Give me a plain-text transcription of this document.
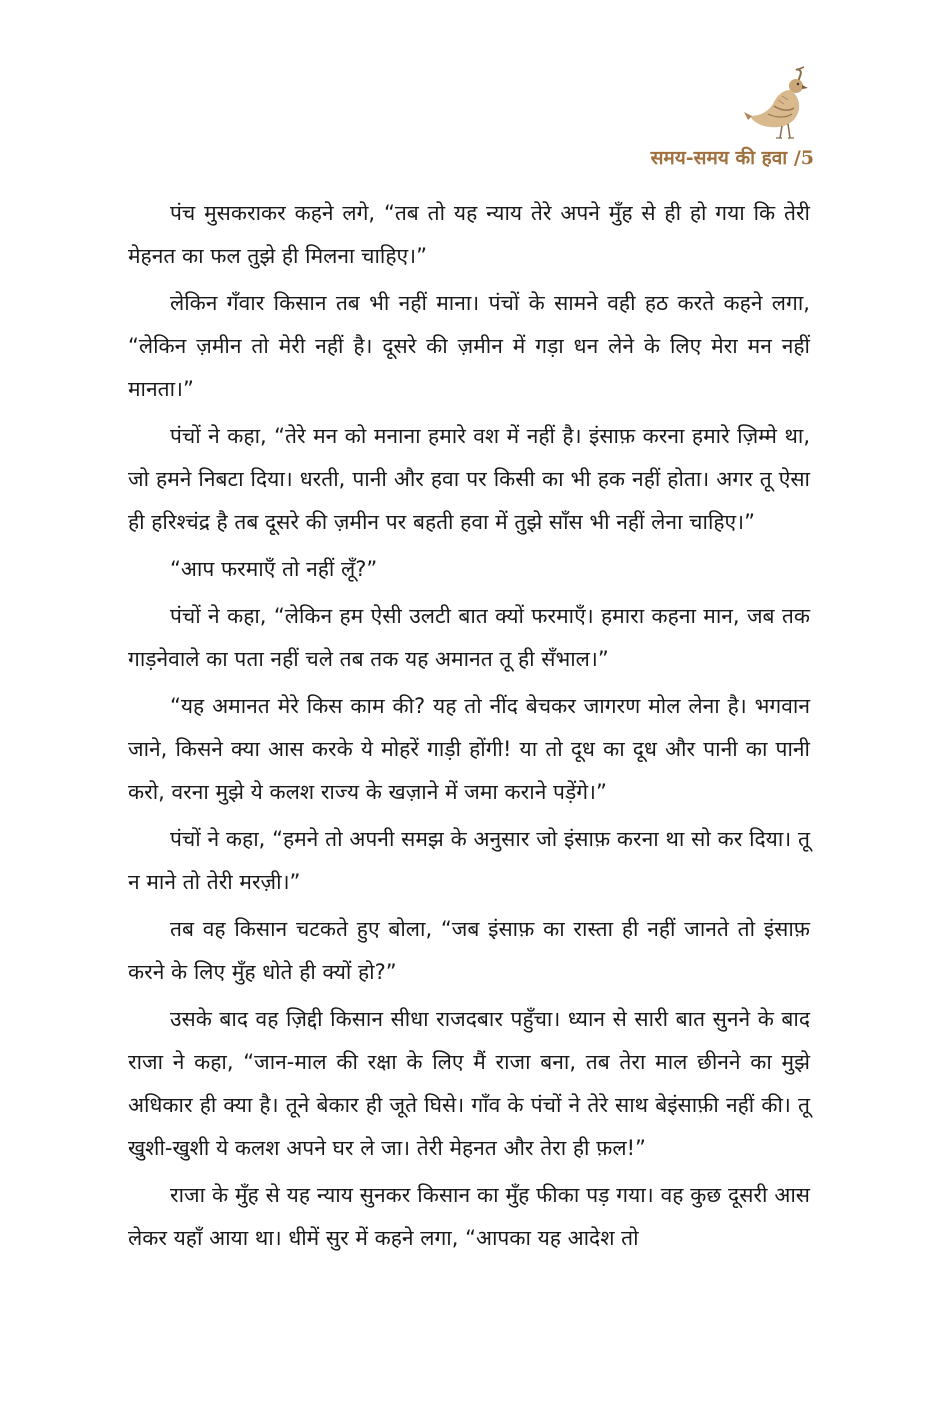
समय-समय की हवा /5

पंच मुसकराकर कहने लगे, “तब तो यह न्याय तेरे अपने मुँह से ही हो गया कि तेरी मेहनत का फल तुझे ही मिलना चाहिए।”

लेकिन गँवार किसान तब भी नहीं माना। पंचों के सामने वही हठ करते कहने लगा, “लेकिन ज़मीन तो मेरी नहीं है। दूसरे की ज़मीन में गड़ा धन लेने के लिए मेरा मन नहीं मानता।”

पंचों ने कहा, “तेरे मन को मनाना हमारे वश में नहीं है। इंसाफ़ करना हमारे ज़िम्मे था, जो हमने निबटा दिया। धरती, पानी और हवा पर किसी का भी हक नहीं होता। अगर तू ऐसा ही हरिश्चंद्र है तब दूसरे की ज़मीन पर बहती हवा में तुझे साँस भी नहीं लेना चाहिए।”

“आप फरमाएँ तो नहीं लूँ?”

पंचों ने कहा, “लेकिन हम ऐसी उलटी बात क्यों फरमाएँ। हमारा कहना मान, जब तक गाड़नेवाले का पता नहीं चले तब तक यह अमानत तू ही सँभाल।”

“यह अमानत मेरे किस काम की? यह तो नींद बेचकर जागरण मोल लेना है। भगवान जाने, किसने क्या आस करके ये मोहरें गाड़ी होंगी! या तो दूध का दूध और पानी का पानी करो, वरना मुझे ये कलश राज्य के खज़ाने में जमा कराने पड़ेंगे।”

पंचों ने कहा, “हमने तो अपनी समझ के अनुसार जो इंसाफ़ करना था सो कर दिया। तू न माने तो तेरी मरज़ी।”

तब वह किसान चटकते हुए बोला, “जब इंसाफ़ का रास्ता ही नहीं जानते तो इंसाफ़ करने के लिए मुँह धोते ही क्यों हो?”

उसके बाद वह ज़िद्दी किसान सीधा राजदबार पहुँचा। ध्यान से सारी बात सुनने के बाद राजा ने कहा, “जान-माल की रक्षा के लिए मैं राजा बना, तब तेरा माल छीनने का मुझे अधिकार ही क्या है। तूने बेकार ही जूते घिसे। गाँव के पंचों ने तेरे साथ बेइंसाफ़ी नहीं की। तू खुशी-खुशी ये कलश अपने घर ले जा। तेरी मेहनत और तेरा ही फ़ल!”

राजा के मुँह से यह न्याय सुनकर किसान का मुँह फीका पड़ गया। वह कुछ दूसरी आस लेकर यहाँ आया था। धीमें सुर में कहने लगा, “आपका यह आदेश तो
